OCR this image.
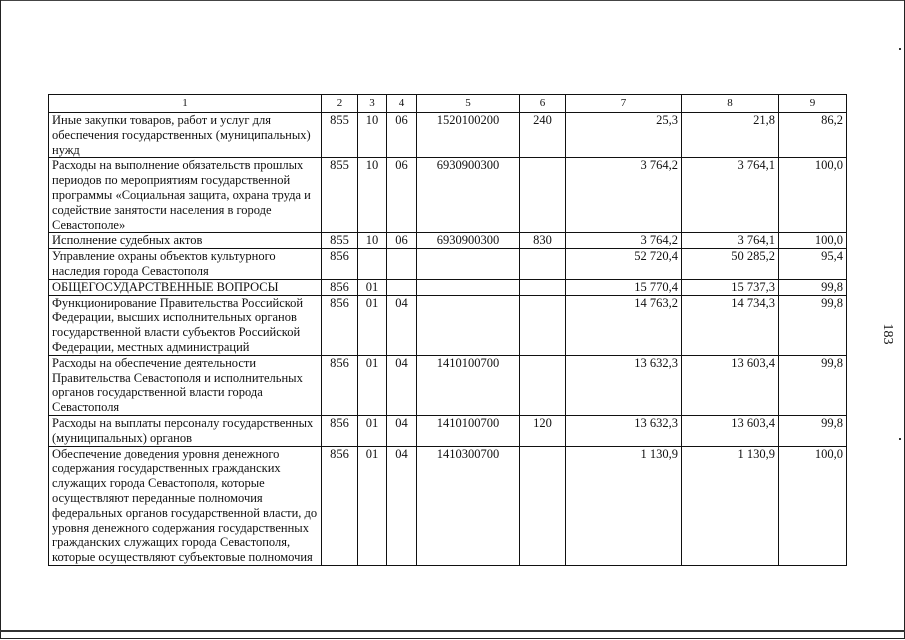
1	2	3	4	5	6	7	8	9
Иные закупки товаров, работ и услуг для обеспечения государственных (муниципальных) нужд	855	10	06	1520100200	240	25,3	21,8	86,2
Расходы на выполнение обязательств прошлых периодов по мероприятиям государственной программы «Социальная защита, охрана труда и содействие занятости населения в городе Севастополе»	855	10	06	6930900300		3 764,2	3 764,1	100,0
Исполнение судебных актов	855	10	06	6930900300	830	3 764,2	3 764,1	100,0
Управление охраны объектов культурного наследия города Севастополя	856					52 720,4	50 285,2	95,4
ОБЩЕГОСУДАРСТВЕННЫЕ ВОПРОСЫ	856	01				15 770,4	15 737,3	99,8
Функционирование Правительства Российской Федерации, высших исполнительных органов государственной власти субъектов Российской Федерации, местных администраций	856	01	04			14 763,2	14 734,3	99,8
Расходы на обеспечение деятельности Правительства Севастополя и исполнительных органов государственной власти города Севастополя	856	01	04	1410100700		13 632,3	13 603,4	99,8
Расходы на выплаты персоналу государственных (муниципальных) органов	856	01	04	1410100700	120	13 632,3	13 603,4	99,8
Обеспечение доведения уровня денежного содержания государственных гражданских служащих города Севастополя, которые осуществляют переданные полномочия федеральных органов государственной власти, до уровня денежного содержания государственных гражданских служащих города Севастополя, которые осуществляют субъектовые полномочия	856	01	04	1410300700		1 130,9	1 130,9	100,0
183
